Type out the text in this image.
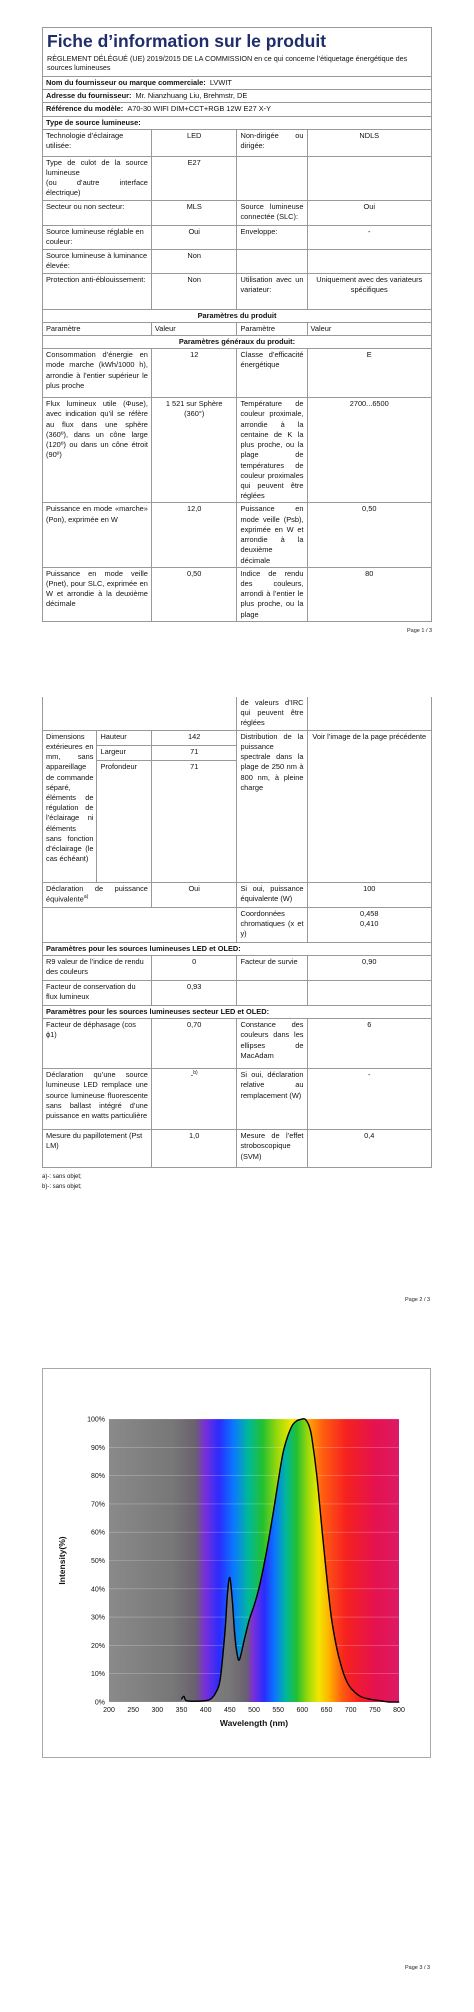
Fiche d’information sur le produit
RÈGLEMENT DÉLÉGUÉ (UE) 2019/2015 DE LA COMMISSION en ce qui concerne l’étiquetage énergétique des sources lumineuses
Nom du fournisseur ou marque commerciale: LVWIT			
Adresse du fournisseur: Mr. Nianzhuang Liu, Brehmstr, DE			
Référence du modèle: A70-30 WIFI DIM+CCT+RGB 12W E27 X-Y			
Type de source lumineuse:			
Technologie d’éclairage utilisée:	LED	Non-dirigée ou dirigée:	NDLS
Type de culot de la source lumineuse
(ou d’autre interface électrique)	E27		
Secteur ou non secteur:	MLS	Source lumineuse connectée (SLC):	Oui
Source lumineuse réglable en couleur:	Oui	Enveloppe:	-
Source lumineuse à luminance élevée:	Non		
Protection anti-éblouissement:	Non	Utilisation avec un variateur:	Uniquement avec des variateurs spécifiques
Paramètres du produit			
Paramètre	Valeur	Paramètre	Valeur
Paramètres généraux du produit:			
Consommation d’énergie en mode marche (kWh/1000 h), arrondie à l’entier supérieur le plus proche	12	Classe d’efficacité énergétique	E
Flux lumineux utile (Φuse), avec indication qu’il se réfère au flux dans une sphère (360º), dans un cône large (120º) ou dans un cône étroit (90º)	1 521 sur Sphère (360°)	Température de couleur proximale, arrondie à la centaine de K la plus proche, ou la plage de températures de couleur proximales qui peuvent être réglées	2700...6500
Puissance en mode «marche» (Pon), exprimée en W	12,0	Puissance en mode veille (Psb), exprimée en W et arrondie à la deuxième décimale	0,50
Puissance en mode veille (Pnet), pour SLC, exprimée en W et arrondie à la deuxième décimale	0,50	Indice de rendu des couleurs, arrondi à l’entier le plus proche, ou la plage	80
Page 1 / 3
			de valeurs d’IRC qui peuvent être réglées	
Dimensions extérieures en mm, sans appareillage de commande séparé, éléments de régulation de l’éclairage ni éléments sans fonction d’éclairage (le cas échéant)	Hauteur	142	Distribution de la puissance spectrale dans la plage de 250 nm à 800 nm, à pleine charge	Voir l’image de la page précédente
	Largeur	71		
	Profondeur	71		
Déclaration de puissance équivalente$^{a)}$		Oui	Si oui, puissance équivalente (W)	100
			Coordonnées chromatiques (x et y)	0,458
0,410
Paramètres pour les sources lumineuses LED et OLED:				
R9 valeur de l’indice de rendu des couleurs		0	Facteur de survie	0,90
Facteur de conservation du flux lumineux		0,93		
Paramètres pour les sources lumineuses secteur LED et OLED:				
Facteur de déphasage (cos ϕ1)		0,70	Constance des couleurs dans les ellipses de MacAdam	6
Déclaration qu’une source lumineuse LED remplace une source lumineuse fluorescente sans ballast intégré d’une puissance en watts particulière		-$^{b)}$	Si oui, déclaration relative au remplacement (W)	-
Mesure du papillotement (Pst LM)		1,0	Mesure de l’effet stroboscopique (SVM)	0,4
a)-: sans objet;
b)-: sans objet;
Page 2 / 3
0%
10%
20%
30%
40%
50%
60%
70%
80%
90%
100%
200 250 300 350 400 450 500 550 600 650 700 750 800
Wavelength (nm)
Intensity(%)
Page 3 / 3
